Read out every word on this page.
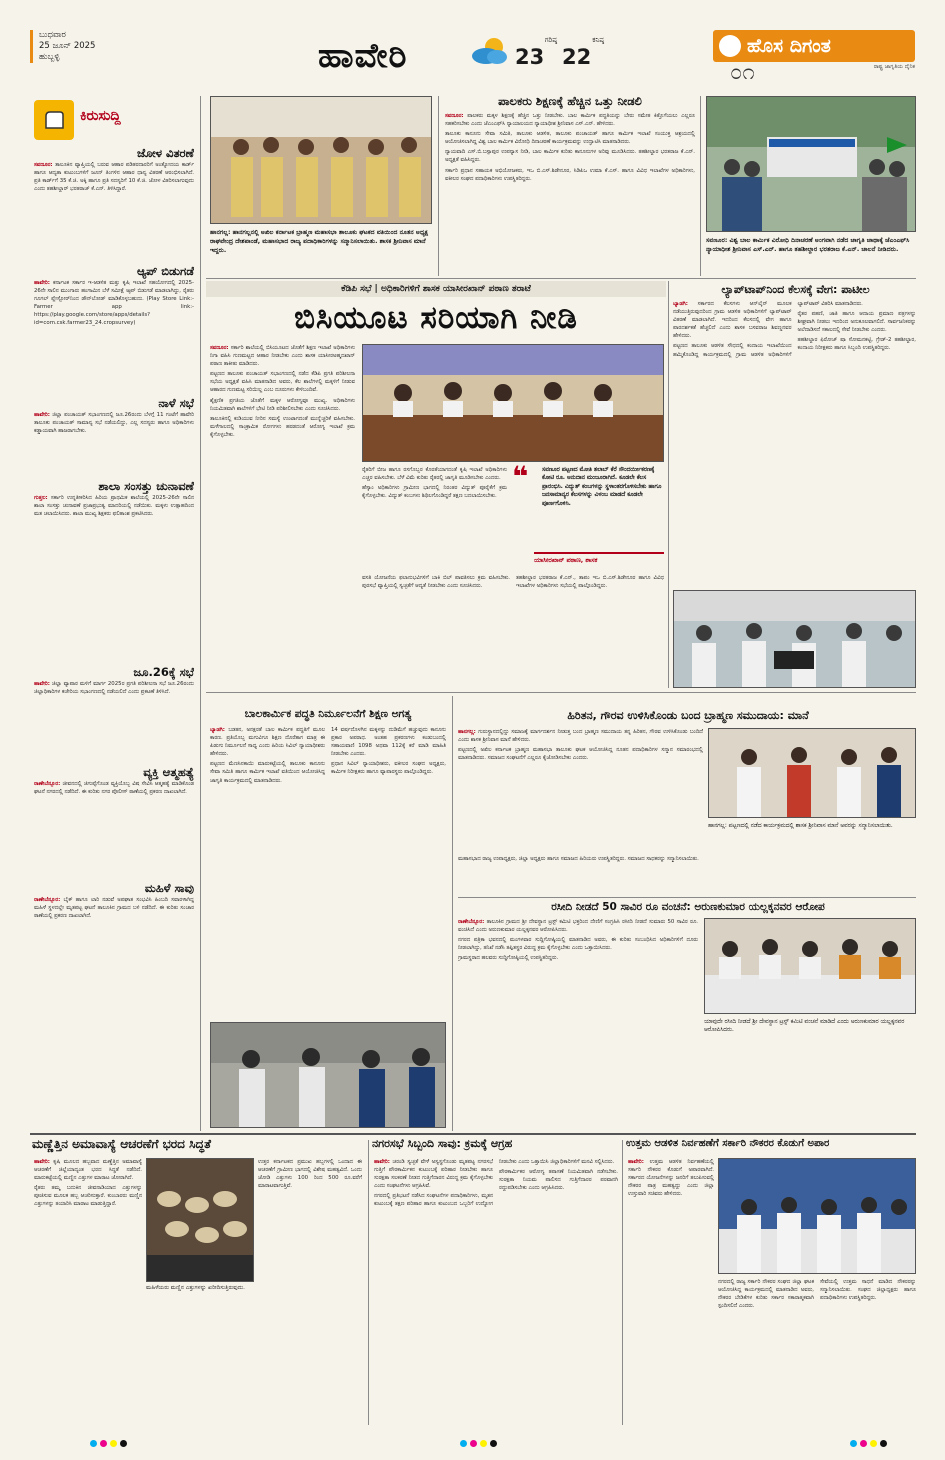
ಬುಧವಾರ
25 ಜೂನ್ 2025
ಹುಬ್ಬಳ್ಳಿ	ಹಾವೇರಿ	ಗರಿಷ್ಠ
23
ಕನಿಷ್ಠ
22	ಹೊಸ ದಿಗಂತ
ರಾಷ್ಟ್ರ ಜಾಗೃತಿಯ ದೈನಿಕ
೦೧
ಕಿರುಸುದ್ದಿ
ಜೋಳ ವಿತರಣೆ
ಸವಣೂರ: ತಾಲೂಕಿನ ವ್ಯಾಪ್ತಿಯಲ್ಲಿ ಬರುವ ಆಹಾರ ಪಡಿತರದಾರರಿಗೆ ಅಂತ್ಯೋದಯ ಕಾರ್ಡ್ ಹಾಗೂ ಆದ್ಯತಾ ಕುಟುಂಬಗಳಿಗೆ ಜೂನ್ ತಿಂಗಳಿನ ಆಹಾರ ಧಾನ್ಯ ವಿತರಣೆ ಆರಂಭಿಸಲಾಗಿದೆ. ಪ್ರತಿ ಕಾರ್ಡ್‌ಗೆ 35 ಕೆ.ಜಿ. ಅಕ್ಕಿ ಹಾಗೂ ಪ್ರತಿ ಸದಸ್ಯರಿಗೆ 10 ಕೆ.ಜಿ. ಜೋಳ ವಿತರಿಸಲಾಗುವುದು ಎಂದು ತಹಶೀಲ್ದಾರ್ ಭರತರಾಜ್ ಕೆ.ಎನ್. ತಿಳಿಸಿದ್ದಾರೆ.
ಆ್ಯಪ್ ಬಿಡುಗಡೆ
ಹಾವೇರಿ: ಕರ್ನಾಟಕ ಸರ್ಕಾರ ಇ-ಆಡಳಿತ ಮತ್ತು ಕೃಷಿ ಇಲಾಖೆ ಸಹಯೋಗದಲ್ಲಿ 2025-26ನೇ ಸಾಲಿನ ಮುಂಗಾರು ಹಂಗಾಮಿನ ಬೆಳೆ ಸಮೀಕ್ಷೆ ಆ್ಯಪ್ ಬಿಡುಗಡೆ ಮಾಡಲಾಗಿದ್ದು, ರೈತರು ಗೂಗಲ್ ಪ್ಲೇಸ್ಟೋರ್‌ನಿಂದ ಡೌನ್‌ಲೋಡ್ ಮಾಡಿಕೊಳ್ಳಬಹುದು. (Play Store Link:- Farmer app link:- https://play.google.com/store/apps/details?id=com.csk.farmer23_24.cropsurvey)
ನಾಳೆ ಸಭೆ
ಹಾವೇರಿ: ಜಿಲ್ಲಾ ಪಂಚಾಯತ್ ಸಭಾಂಗಣದಲ್ಲಿ ಜೂ.26ರಂದು ಬೆಳಗ್ಗೆ 11 ಗಂಟೆಗೆ ಹಾವೇರಿ ತಾಲೂಕು ಪಂಚಾಯತ್ ಸಾಮಾನ್ಯ ಸಭೆ ನಡೆಯಲಿದ್ದು, ಎಲ್ಲ ಸದಸ್ಯರು ಹಾಗೂ ಅಧಿಕಾರಿಗಳು ಕಡ್ಡಾಯವಾಗಿ ಹಾಜರಾಗಬೇಕು.
ಶಾಲಾ ಸಂಸತ್ತು ಚುನಾವಣೆ
ಗುತ್ತಲ: ಸರ್ಕಾರಿ ಉನ್ನತೀಕರಿಸಿದ ಹಿರಿಯ ಪ್ರಾಥಮಿಕ ಶಾಲೆಯಲ್ಲಿ 2025-26ನೇ ಸಾಲಿನ ಶಾಲಾ ಸಂಸತ್ತು ಚುನಾವಣೆ ಪ್ರಜಾಪ್ರಭುತ್ವ ಮಾದರಿಯಲ್ಲಿ ನಡೆಯಿತು. ಮಕ್ಕಳು ಉತ್ಸಾಹದಿಂದ ಮತ ಚಲಾಯಿಸಿದರು. ಶಾಲಾ ಮುಖ್ಯ ಶಿಕ್ಷಕರು ಫಲಿತಾಂಶ ಪ್ರಕಟಿಸಿದರು.
ಜೂ.26ಕ್ಕೆ ಸಭೆ
ಹಾವೇರಿ: ಜಿಲ್ಲಾ ವ್ಯಾಪಾರ ಮಳಿಗೆ ಮಾರ್ಗ 2025ರ ಪ್ರಗತಿ ಪರಿಶೀಲನಾ ಸಭೆ ಜೂ.26ರಂದು ಜಿಲ್ಲಾಧಿಕಾರಿಗಳ ಕಚೇರಿಯ ಸಭಾಂಗಣದಲ್ಲಿ ನಡೆಯಲಿದೆ ಎಂದು ಪ್ರಕಟಣೆ ತಿಳಿಸಿದೆ.
ವ್ಯಕ್ತಿ ಆತ್ಮಹತ್ಯೆ
ರಾಣೇಬೆನ್ನೂರ: ಜೀವನದಲ್ಲಿ ಜಿಗುಪ್ಸೆಗೊಂಡ ವ್ಯಕ್ತಿಯೊಬ್ಬ ವಿಷ ಸೇವಿಸಿ ಆತ್ಮಹತ್ಯೆ ಮಾಡಿಕೊಂಡ ಘಟನೆ ನಗರದಲ್ಲಿ ನಡೆದಿದೆ. ಈ ಕುರಿತು ನಗರ ಪೊಲೀಸ್ ಠಾಣೆಯಲ್ಲಿ ಪ್ರಕರಣ ದಾಖಲಾಗಿದೆ.
ಮಹಿಳೆ ಸಾವು
ರಾಣೇಬೆನ್ನೂರ: ಬೈಕ್ ಹಾಗೂ ಲಾರಿ ನಡುವೆ ಅಪಘಾತ ಸಂಭವಿಸಿ ಹಿಂಬದಿ ಸವಾರಳಾಗಿದ್ದ ಮಹಿಳೆ ಸ್ಥಳದಲ್ಲೇ ಮೃತಪಟ್ಟ ಘಟನೆ ತಾಲೂಕಿನ ಗ್ರಾಮದ ಬಳಿ ನಡೆದಿದೆ. ಈ ಕುರಿತು ಸಂಚಾರ ಠಾಣೆಯಲ್ಲಿ ಪ್ರಕರಣ ದಾಖಲಾಗಿದೆ.
ಹಾನಗಲ್ಲ: ಹಾನಗಲ್ಲನಲ್ಲಿ ಅಖಿಲ ಕರ್ನಾಟಕ ಬ್ರಾಹ್ಮಣ ಮಹಾಸಭಾ ತಾಲೂಕು ಘಟಕದ ವತಿಯಿಂದ ನೂತನ ಅಧ್ಯಕ್ಷ ರಾಘವೇಂದ್ರ ದೇಶಪಾಂಡೆ, ಮಹಾಸಭಾದ ರಾಜ್ಯ ಪದಾಧಿಕಾರಿಗಳನ್ನು ಸನ್ಮಾನಿಸಲಾಯಿತು. ಶಾಸಕ ಶ್ರೀನಿವಾಸ ಮಾನೆ ಇದ್ದರು.
ಪಾಲಕರು ಶಿಕ್ಷಣಕ್ಕೆ ಹೆಚ್ಚಿನ ಒತ್ತು ನೀಡಲಿ

ಸವಣೂರ: ಪಾಲಕರು ಮಕ್ಕಳ ಶಿಕ್ಷಣಕ್ಕೆ ಹೆಚ್ಚಿನ ಒತ್ತು ನೀಡಬೇಕು. ಬಾಲ ಕಾರ್ಮಿಕ ಪದ್ಧತಿಯನ್ನು ಬೇರು ಸಮೇತ ಕಿತ್ತೊಗೆಯಲು ಎಲ್ಲರೂ ಸಹಕರಿಸಬೇಕು ಎಂದು ಜೆಎಂಎಫ್‌ಸಿ ನ್ಯಾಯಾಲಯದ ನ್ಯಾಯಾಧೀಶ ಶ್ರೀನಿವಾಸ ಎಸ್.ಎನ್. ಹೇಳಿದರು.

ತಾಲೂಕು ಕಾನೂನು ಸೇವಾ ಸಮಿತಿ, ತಾಲೂಕು ಆಡಳಿತ, ತಾಲೂಕು ಪಂಚಾಯತ್ ಹಾಗೂ ಕಾರ್ಮಿಕ ಇಲಾಖೆ ಸಂಯುಕ್ತ ಆಶ್ರಯದಲ್ಲಿ ಆಯೋಜಿಸಲಾಗಿದ್ದ ವಿಶ್ವ ಬಾಲ ಕಾರ್ಮಿಕ ವಿರೋಧಿ ದಿನಾಚರಣೆ ಕಾರ್ಯಕ್ರಮವನ್ನು ಉದ್ಘಾಟಿಸಿ ಮಾತನಾಡಿದರು.

ನ್ಯಾಯವಾದಿ ಎಸ್.ಬಿ.ಬಸ್ಸಾಪುರ ಉಪನ್ಯಾಸ ನೀಡಿ, ಬಾಲ ಕಾರ್ಮಿಕ ಕುರಿತು ಕಾನೂನುಗಳ ಅರಿವು ಮೂಡಿಸಿದರು. ತಹಶೀಲ್ದಾರ ಭರತರಾಜ ಕೆ.ಎನ್. ಅಧ್ಯಕ್ಷತೆ ವಹಿಸಿದ್ದರು.

ಸರ್ಕಾರಿ ಪ್ರಧಾನ ಸಹಾಯಕ ಅಭಿಯೋಜಕರು, ಇಒ ಬಿ.ಎಸ್.ಶಿಡೇನೂರ, ಸಿಡಿಪಿಒ ಉಮಾ ಕೆ.ಎಸ್. ಹಾಗೂ ವಿವಿಧ ಇಲಾಖೆಗಳ ಅಧಿಕಾರಿಗಳು, ವಕೀಲರ ಸಂಘದ ಪದಾಧಿಕಾರಿಗಳು ಉಪಸ್ಥಿತರಿದ್ದರು.

ಸವಣೂರ: ವಿಶ್ವ ಬಾಲ ಕಾರ್ಮಿಕ ವಿರೋಧಿ ದಿನಾಚರಣೆ ಅಂಗವಾಗಿ ನಡೆದ ಜಾಗೃತಿ ಜಾಥಾಕ್ಕೆ ಜೆಎಂಎಫ್‌ಸಿ ನ್ಯಾಯಾಧೀಶ ಶ್ರೀನಿವಾಸ ಎಸ್.ಎನ್. ಹಾಗೂ ತಹಶೀಲ್ದಾರ ಭರತರಾಜ ಕೆ.ಎನ್. ಚಾಲನೆ ನೀಡಿದರು.
ಕೆಡಿಪಿ ಸಭೆ | ಅಧಿಕಾರಿಗಳಿಗೆ ಶಾಸಕ ಯಾಸೀರಖಾನ್ ಪಠಾಣ ತರಾಟೆ
ಬಿಸಿಯೂಟ ಸರಿಯಾಗಿ ನೀಡಿ

ಸವಣೂರ: ಸರ್ಕಾರಿ ಶಾಲೆಯಲ್ಲಿ ಬಿಸಿಯೂಟದ ಜೊತೆಗೆ ಶಿಕ್ಷಣ ಇಲಾಖೆ ಅಧಿಕಾರಿಗಳು ನಿಗಾ ವಹಿಸಿ ಗುಣಮಟ್ಟದ ಆಹಾರ ನೀಡಬೇಕು ಎಂದು ಶಾಸಕ ಯಾಸೀರಅಹ್ಮದಖಾನ್ ಪಠಾಣ ತಾಕೀತು ಮಾಡಿದರು.

ಪಟ್ಟಣದ ತಾಲೂಕು ಪಂಚಾಯತ್ ಸಭಾಂಗಣದಲ್ಲಿ ನಡೆದ ಕೆಡಿಪಿ ಪ್ರಗತಿ ಪರಿಶೀಲನಾ ಸಭೆಯ ಅಧ್ಯಕ್ಷತೆ ವಹಿಸಿ ಮಾತನಾಡಿದ ಅವರು, ಕೆಲ ಶಾಲೆಗಳಲ್ಲಿ ಮಕ್ಕಳಿಗೆ ನೀಡುವ ಆಹಾರದ ಗುಣಮಟ್ಟ ಸರಿಯಿಲ್ಲ ಎಂಬ ದೂರುಗಳು ಕೇಳಿಬಂದಿವೆ.

ಶೈಕ್ಷಣಿಕ ಪ್ರಗತಿಯ ಜೊತೆಗೆ ಮಕ್ಕಳ ಆರೋಗ್ಯವೂ ಮುಖ್ಯ. ಅಧಿಕಾರಿಗಳು ನಿಯಮಿತವಾಗಿ ಶಾಲೆಗಳಿಗೆ ಭೇಟಿ ನೀಡಿ ಪರಿಶೀಲಿಸಬೇಕು ಎಂದು ಸೂಚಿಸಿದರು.

ತಾಲೂಕಿನಲ್ಲಿ ಕುಡಿಯುವ ನೀರಿನ ಸಮಸ್ಯೆ ಉಂಟಾಗದಂತೆ ಮುನ್ನೆಚ್ಚರಿಕೆ ವಹಿಸಬೇಕು. ಮಳೆಗಾಲದಲ್ಲಿ ಸಾಂಕ್ರಾಮಿಕ ರೋಗಗಳು ಹರಡದಂತೆ ಆರೋಗ್ಯ ಇಲಾಖೆ ಕ್ರಮ ಕೈಗೊಳ್ಳಬೇಕು.

ರೈತರಿಗೆ ಬೀಜ ಹಾಗೂ ರಸಗೊಬ್ಬರ ಕೊರತೆಯಾಗದಂತೆ ಕೃಷಿ ಇಲಾಖೆ ಅಧಿಕಾರಿಗಳು ಎಚ್ಚರ ವಹಿಸಬೇಕು. ಬೆಳೆ ವಿಮೆ ಕುರಿತು ರೈತರಲ್ಲಿ ಜಾಗೃತಿ ಮೂಡಿಸಬೇಕು ಎಂದರು.

ಹೆಸ್ಕಾಂ ಅಧಿಕಾರಿಗಳು ಗ್ರಾಮೀಣ ಭಾಗದಲ್ಲಿ ನಿರಂತರ ವಿದ್ಯುತ್ ಪೂರೈಕೆಗೆ ಕ್ರಮ ಕೈಗೊಳ್ಳಬೇಕು. ವಿದ್ಯುತ್ ಕಂಬಗಳು ಶಿಥಿಲಗೊಂಡಿದ್ದರೆ ತಕ್ಷಣ ಬದಲಾಯಿಸಬೇಕು.

❝	ಸವಣೂರ ಪಟ್ಟಣದ ಮೋತಿ ತಲಾಬ್ ಕೆರೆ ಸೌಂದರ್ಯೀಕರಣಕ್ಕೆ ಕೋಟಿ ರೂ. ಅನುದಾನ ಮಂಜೂರಾಗಿದೆ. ಕೂಡಲೇ ಕೆಲಸ ಪ್ರಾರಂಭಿಸಿ. ವಿದ್ಯುತ್ ಕಂಬಗಳನ್ನು ಸ್ಥಳಾಂತರಗೊಳಿಸಬೇಕು ಹಾಗೂ ಜನಸಾಮಾನ್ಯರ ಕೆಲಸಗಳನ್ನು ವಿಳಂಬ ಮಾಡದೆ ಕೂಡಲೇ ಪೂರ್ಣಗೊಳಿಸಿ.
ಯಾಸೀರಖಾನ್ ಪಠಾಣ, ಶಾಸಕ

ವಸತಿ ಯೋಜನೆಯ ಫಲಾನುಭವಿಗಳಿಗೆ ಬಾಕಿ ಬಿಲ್ ಪಾವತಿಸಲು ಕ್ರಮ ವಹಿಸಬೇಕು. ಪುರಸಭೆ ವ್ಯಾಪ್ತಿಯಲ್ಲಿ ಸ್ವಚ್ಛತೆಗೆ ಆದ್ಯತೆ ನೀಡಬೇಕು ಎಂದು ಸೂಚಿಸಿದರು.

ತಹಶೀಲ್ದಾರ ಭರತರಾಜ ಕೆ.ಎನ್., ತಾಪಂ ಇಒ ಬಿ.ಎಸ್.ಶಿಡೇನೂರ ಹಾಗೂ ವಿವಿಧ ಇಲಾಖೆಗಳ ಅಧಿಕಾರಿಗಳು ಸಭೆಯಲ್ಲಿ ಪಾಲ್ಗೊಂಡಿದ್ದರು.

ಲ್ಯಾಪ್‌ಟಾಪ್‌ನಿಂದ ಕೆಲಸಕ್ಕೆ ವೇಗ: ಪಾಟೀಲ

ಬ್ಯಾಡಗಿ: ಸರ್ಕಾರದ ಕೆಲಸಗಳು ಆನ್‌ಲೈನ್ ಮೂಲಕ ನಡೆಯುತ್ತಿರುವುದರಿಂದ ಗ್ರಾಮ ಆಡಳಿತ ಅಧಿಕಾರಿಗಳಿಗೆ ಲ್ಯಾಪ್‌ಟಾಪ್ ವಿತರಣೆ ಮಾಡಲಾಗಿದೆ. ಇದರಿಂದ ಕೆಲಸದಲ್ಲಿ ವೇಗ ಹಾಗೂ ಪಾರದರ್ಶಕತೆ ಹೆಚ್ಚಲಿದೆ ಎಂದು ಶಾಸಕ ಬಸವರಾಜ ಶಿವಣ್ಣನವರ ಹೇಳಿದರು.

ಪಟ್ಟಣದ ತಾಲೂಕು ಆಡಳಿತ ಸೌಧದಲ್ಲಿ ಕಂದಾಯ ಇಲಾಖೆಯಿಂದ ಹಮ್ಮಿಕೊಂಡಿದ್ದ ಕಾರ್ಯಕ್ರಮದಲ್ಲಿ ಗ್ರಾಮ ಆಡಳಿತ ಅಧಿಕಾರಿಗಳಿಗೆ ಲ್ಯಾಪ್‌ಟಾಪ್ ವಿತರಿಸಿ ಮಾತನಾಡಿದರು.

ರೈತರ ಪಹಣಿ, ಜಾತಿ ಹಾಗೂ ಆದಾಯ ಪ್ರಮಾಣ ಪತ್ರಗಳನ್ನು ಶೀಘ್ರವಾಗಿ ನೀಡಲು ಇದರಿಂದ ಅನುಕೂಲವಾಗಲಿದೆ. ಸಾರ್ವಜನಿಕರನ್ನು ಅಲೆದಾಡಿಸದೆ ಸಕಾಲದಲ್ಲಿ ಸೇವೆ ನೀಡಬೇಕು ಎಂದರು.

ತಹಶೀಲ್ದಾರ ಫಿರೋಜ್ ಷಾ ಸೋಮನಕಟ್ಟಿ, ಗ್ರೇಡ್-2 ತಹಶೀಲ್ದಾರ, ಕಂದಾಯ ನಿರೀಕ್ಷಕರು ಹಾಗೂ ಸಿಬ್ಬಂದಿ ಉಪಸ್ಥಿತರಿದ್ದರು.

ಬಾಲಕಾರ್ಮಿಕ ಪದ್ಧತಿ ನಿರ್ಮೂಲನೆಗೆ ಶಿಕ್ಷಣ ಅಗತ್ಯ

ಬ್ಯಾಡಗಿ: ಬಡತನ, ಅನಕ್ಷರತೆ ಬಾಲ ಕಾರ್ಮಿಕ ಪದ್ಧತಿಗೆ ಮೂಲ ಕಾರಣ. ಪ್ರತಿಯೊಬ್ಬ ಮಗುವಿಗೂ ಶಿಕ್ಷಣ ದೊರೆತಾಗ ಮಾತ್ರ ಈ ಪಿಡುಗು ನಿರ್ಮೂಲನೆ ಸಾಧ್ಯ ಎಂದು ಹಿರಿಯ ಸಿವಿಲ್ ನ್ಯಾಯಾಧೀಶರು ಹೇಳಿದರು.

ಪಟ್ಟಣದ ಮೆಣಸಿನಕಾಯಿ ಮಾರುಕಟ್ಟೆಯಲ್ಲಿ ತಾಲೂಕು ಕಾನೂನು ಸೇವಾ ಸಮಿತಿ ಹಾಗೂ ಕಾರ್ಮಿಕ ಇಲಾಖೆ ವತಿಯಿಂದ ಆಯೋಜಿಸಿದ್ದ ಜಾಗೃತಿ ಕಾರ್ಯಕ್ರಮದಲ್ಲಿ ಮಾತನಾಡಿದರು.

14 ವರ್ಷದೊಳಗಿನ ಮಕ್ಕಳನ್ನು ದುಡಿಮೆಗೆ ಹಚ್ಚುವುದು ಕಾನೂನು ಪ್ರಕಾರ ಅಪರಾಧ. ಅಂತಹ ಪ್ರಕರಣಗಳು ಕಂಡುಬಂದಲ್ಲಿ ಸಹಾಯವಾಣಿ 1098 ಅಥವಾ 112ಕ್ಕೆ ಕರೆ ಮಾಡಿ ಮಾಹಿತಿ ನೀಡಬೇಕು ಎಂದರು.

ಪ್ರಧಾನ ಸಿವಿಲ್ ನ್ಯಾಯಾಧೀಶರು, ವಕೀಲರ ಸಂಘದ ಅಧ್ಯಕ್ಷರು, ಕಾರ್ಮಿಕ ನಿರೀಕ್ಷಕರು ಹಾಗೂ ವ್ಯಾಪಾರಸ್ಥರು ಪಾಲ್ಗೊಂಡಿದ್ದರು.

ಹಿರಿತನ, ಗೌರವ ಉಳಿಸಿಕೊಂಡು ಬಂದ ಬ್ರಾಹ್ಮಣ ಸಮುದಾಯ: ಮಾನೆ

ಹಾನಗಲ್ಲ: ಗುರುಸ್ಥಾನದಲ್ಲಿದ್ದು ಸಮಾಜಕ್ಕೆ ಮಾರ್ಗದರ್ಶನ ನೀಡುತ್ತ ಬಂದ ಬ್ರಾಹ್ಮಣ ಸಮುದಾಯ ತನ್ನ ಹಿರಿತನ, ಗೌರವ ಉಳಿಸಿಕೊಂಡು ಬಂದಿದೆ ಎಂದು ಶಾಸಕ ಶ್ರೀನಿವಾಸ ಮಾನೆ ಹೇಳಿದರು.

ಪಟ್ಟಣದಲ್ಲಿ ಅಖಿಲ ಕರ್ನಾಟಕ ಬ್ರಾಹ್ಮಣ ಮಹಾಸಭಾ ತಾಲೂಕು ಘಟಕ ಆಯೋಜಿಸಿದ್ದ ನೂತನ ಪದಾಧಿಕಾರಿಗಳ ಸನ್ಮಾನ ಸಮಾರಂಭದಲ್ಲಿ ಮಾತನಾಡಿದರು. ಸಮಾಜದ ಸಂಘಟನೆಗೆ ಎಲ್ಲರೂ ಕೈಜೋಡಿಸಬೇಕು ಎಂದರು.

ಹಾನಗಲ್ಲ: ಪಟ್ಟಣದಲ್ಲಿ ನಡೆದ ಕಾರ್ಯಕ್ರಮದಲ್ಲಿ ಶಾಸಕ ಶ್ರೀನಿವಾಸ ಮಾನೆ ಅವರನ್ನು ಸನ್ಮಾನಿಸಲಾಯಿತು.

ಮಹಾಸಭಾದ ರಾಜ್ಯ ಉಪಾಧ್ಯಕ್ಷರು, ಜಿಲ್ಲಾ ಅಧ್ಯಕ್ಷರು ಹಾಗೂ ಸಮಾಜದ ಹಿರಿಯರು ಉಪಸ್ಥಿತರಿದ್ದರು. ಸಮಾಜದ ಸಾಧಕರನ್ನು ಸನ್ಮಾನಿಸಲಾಯಿತು.

ರಸೀದಿ ನೀಡದೆ 50 ಸಾವಿರ ರೂ ವಂಚನೆ: ಅರುಣಕುಮಾರ ಯಲ್ಲಕ್ಕನವರ ಆರೋಪ

ರಾಣೇಬೆನ್ನೂರ: ತಾಲೂಕಿನ ಗ್ರಾಮದ ಶ್ರೀ ದೇವಸ್ಥಾನ ಟ್ರಸ್ಟ್ ಕಮಿಟಿ ಭಕ್ತರಿಂದ ದೇಣಿಗೆ ಸಂಗ್ರಹಿಸಿ ರಸೀದಿ ನೀಡದೆ ಸುಮಾರು 50 ಸಾವಿರ ರೂ. ವಂಚಿಸಿದೆ ಎಂದು ಅರುಣಕುಮಾರ ಯಲ್ಲಕ್ಕನವರ ಆರೋಪಿಸಿದರು.

ನಗರದ ಪತ್ರಿಕಾ ಭವನದಲ್ಲಿ ಮಂಗಳವಾರ ಸುದ್ದಿಗೋಷ್ಠಿಯಲ್ಲಿ ಮಾತನಾಡಿದ ಅವರು, ಈ ಕುರಿತು ಸಂಬಂಧಿಸಿದ ಅಧಿಕಾರಿಗಳಿಗೆ ದೂರು ನೀಡಲಾಗಿದ್ದು, ತನಿಖೆ ನಡೆಸಿ ತಪ್ಪಿತಸ್ಥರ ವಿರುದ್ಧ ಕ್ರಮ ಕೈಗೊಳ್ಳಬೇಕು ಎಂದು ಒತ್ತಾಯಿಸಿದರು.

ಗ್ರಾಮಸ್ಥರಾದ ಹಲವರು ಸುದ್ದಿಗೋಷ್ಠಿಯಲ್ಲಿ ಉಪಸ್ಥಿತರಿದ್ದರು.

ಯಾವುದೇ ರಸೀದಿ ನೀಡದೆ ಶ್ರೀ ದೇವಸ್ಥಾನ ಟ್ರಸ್ಟ್ ಕಮಿಟಿ ವಂಚನೆ ಮಾಡಿದೆ ಎಂದು ಅರುಣಕುಮಾರ ಯಲ್ಲಕ್ಕನವರ ಆರೋಪಿಸಿದರು.
ಮಣ್ಣೆತ್ತಿನ ಅಮಾವಾಸ್ಯೆ ಆಚರಣೆಗೆ ಭರದ ಸಿದ್ಧತೆ

ಹಾವೇರಿ: ಕೃಷಿ ಮೂಲದ ಹಬ್ಬವಾದ ಮಣ್ಣೆತ್ತಿನ ಅಮಾವಾಸ್ಯೆ ಆಚರಣೆಗೆ ಜಿಲ್ಲೆಯಾದ್ಯಂತ ಭರದ ಸಿದ್ಧತೆ ನಡೆದಿದೆ. ಮಾರುಕಟ್ಟೆಯಲ್ಲಿ ಮಣ್ಣಿನ ಎತ್ತುಗಳ ಮಾರಾಟ ಜೋರಾಗಿದೆ.

ರೈತರು ತಮ್ಮ ಬದುಕಿನ ಜೀವನಾಡಿಯಾದ ಎತ್ತುಗಳನ್ನು ಪೂಜಿಸುವ ಮೂಲಕ ಹಬ್ಬ ಆಚರಿಸುತ್ತಾರೆ. ಕುಂಬಾರರು ಮಣ್ಣಿನ ಎತ್ತುಗಳನ್ನು ತಯಾರಿಸಿ ಮಾರಾಟ ಮಾಡುತ್ತಿದ್ದಾರೆ.

ಮಹಿಳೆಯರು ಮಣ್ಣಿನ ಎತ್ತುಗಳನ್ನು ಖರೀದಿಸುತ್ತಿರುವುದು.

ಉತ್ತರ ಕರ್ನಾಟಕದ ಪ್ರಮುಖ ಹಬ್ಬಗಳಲ್ಲಿ ಒಂದಾದ ಈ ಆಚರಣೆಗೆ ಗ್ರಾಮೀಣ ಭಾಗದಲ್ಲಿ ವಿಶೇಷ ಮಹತ್ವವಿದೆ. ಒಂದು ಜೋಡಿ ಎತ್ತುಗಳು 100 ರಿಂದ 500 ರೂ.ವರೆಗೆ ಮಾರಾಟವಾಗುತ್ತಿವೆ.

ನಗರಸಭೆ ಸಿಬ್ಬಂದಿ ಸಾವು: ಕ್ರಮಕ್ಕೆ ಆಗ್ರಹ

ಹಾವೇರಿ: ಚರಂಡಿ ಸ್ವಚ್ಛತೆ ವೇಳೆ ಅಸ್ವಸ್ಥಗೊಂಡು ಮೃತಪಟ್ಟ ನಗರಸಭೆ ಗುತ್ತಿಗೆ ಪೌರಕಾರ್ಮಿಕನ ಕುಟುಂಬಕ್ಕೆ ಪರಿಹಾರ ನೀಡಬೇಕು ಹಾಗೂ ಸುರಕ್ಷತಾ ಸಲಕರಣೆ ನೀಡದ ಗುತ್ತಿಗೆದಾರನ ವಿರುದ್ಧ ಕ್ರಮ ಕೈಗೊಳ್ಳಬೇಕು ಎಂದು ಸಂಘಟನೆಗಳು ಆಗ್ರಹಿಸಿವೆ.

ನಗರದಲ್ಲಿ ಪ್ರತಿಭಟನೆ ನಡೆಸಿದ ಸಂಘಟನೆಗಳ ಪದಾಧಿಕಾರಿಗಳು, ಮೃತನ ಕುಟುಂಬಕ್ಕೆ ತಕ್ಷಣ ಪರಿಹಾರ ಹಾಗೂ ಕುಟುಂಬದ ಒಬ್ಬರಿಗೆ ಉದ್ಯೋಗ ನೀಡಬೇಕು ಎಂದು ಒತ್ತಾಯಿಸಿ ಜಿಲ್ಲಾಧಿಕಾರಿಗಳಿಗೆ ಮನವಿ ಸಲ್ಲಿಸಿದರು.

ಪೌರಕಾರ್ಮಿಕರ ಆರೋಗ್ಯ ತಪಾಸಣೆ ನಿಯಮಿತವಾಗಿ ನಡೆಸಬೇಕು. ಸುರಕ್ಷತಾ ನಿಯಮ ಪಾಲಿಸದ ಗುತ್ತಿಗೆದಾರರ ಪರವಾನಗಿ ರದ್ದುಪಡಿಸಬೇಕು ಎಂದು ಆಗ್ರಹಿಸಿದರು.

ಉತ್ತಮ ಆಡಳಿತ ನಿರ್ವಹಣೆಗೆ ಸರ್ಕಾರಿ ನೌಕರರ ಕೊಡುಗೆ ಅಪಾರ

ಹಾವೇರಿ: ಉತ್ತಮ ಆಡಳಿತ ನಿರ್ವಹಣೆಯಲ್ಲಿ ಸರ್ಕಾರಿ ನೌಕರರ ಕೊಡುಗೆ ಅಪಾರವಾಗಿದೆ. ಸರ್ಕಾರದ ಯೋಜನೆಗಳನ್ನು ಜನರಿಗೆ ತಲುಪಿಸುವಲ್ಲಿ ನೌಕರರ ಪಾತ್ರ ಮಹತ್ವದ್ದು ಎಂದು ಜಿಲ್ಲಾ ಉಸ್ತುವಾರಿ ಸಚಿವರು ಹೇಳಿದರು.

ನಗರದಲ್ಲಿ ರಾಜ್ಯ ಸರ್ಕಾರಿ ನೌಕರರ ಸಂಘದ ಜಿಲ್ಲಾ ಘಟಕ ಆಯೋಜಿಸಿದ್ದ ಕಾರ್ಯಕ್ರಮದಲ್ಲಿ ಮಾತನಾಡಿದ ಅವರು, ನೌಕರರ ಬೇಡಿಕೆಗಳ ಕುರಿತು ಸರ್ಕಾರ ಸಕಾರಾತ್ಮಕವಾಗಿ ಸ್ಪಂದಿಸಲಿದೆ ಎಂದರು.

ಸೇವೆಯಲ್ಲಿ ಉತ್ತಮ ಸಾಧನೆ ಮಾಡಿದ ನೌಕರರನ್ನು ಸನ್ಮಾನಿಸಲಾಯಿತು. ಸಂಘದ ಜಿಲ್ಲಾಧ್ಯಕ್ಷರು ಹಾಗೂ ಪದಾಧಿಕಾರಿಗಳು ಉಪಸ್ಥಿತರಿದ್ದರು.
